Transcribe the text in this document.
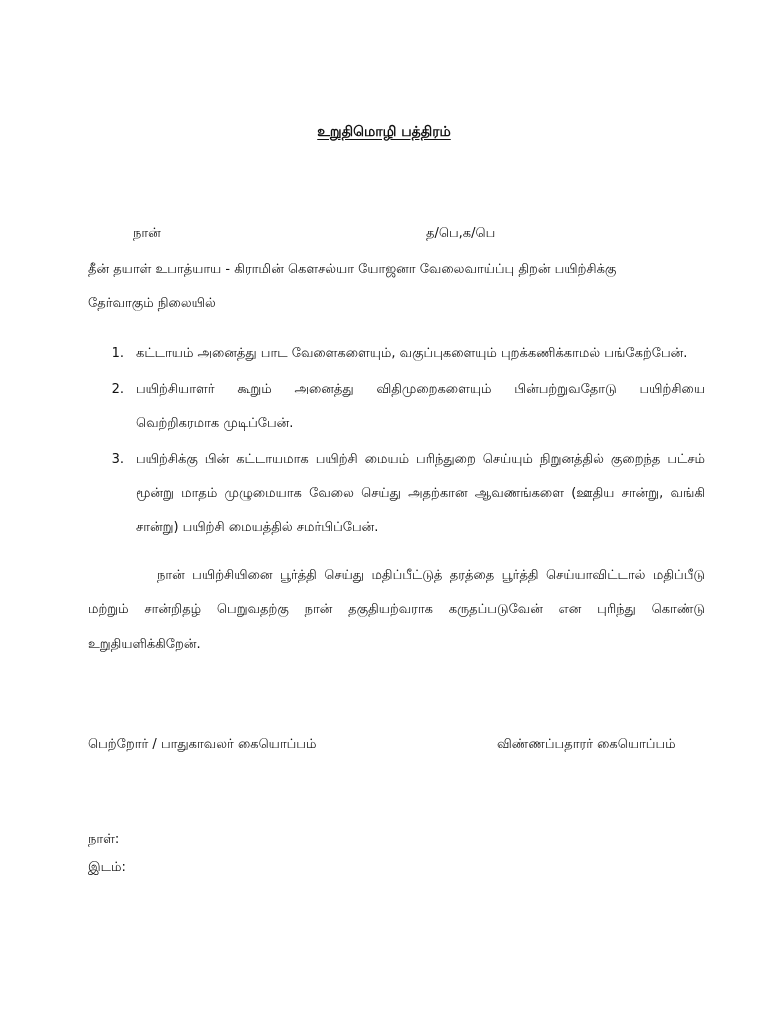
உறுதிமொழி பத்திரம்
நான்	த/பெ,க/பெ
தீன் தயாள் உபாத்யாய - கிராமின் கௌசல்யா யோஜனா வேலைவாய்ப்பு திறன் பயிற்சிக்கு
தேர்வாகும் நிலையில்
1. கட்டாயம் அனைத்து பாட வேளைகளையும், வகுப்புகளையும் புறக்கணிக்காமல் பங்கேற்பேன்.
2. பயிற்சியாளர் கூறும் அனைத்து விதிமுறைகளையும் பின்பற்றுவதோடு பயிற்சியை
வெற்றிகரமாக முடிப்பேன்.
3. பயிற்சிக்கு பின் கட்டாயமாக பயிற்சி மையம் பரிந்துறை செய்யும் நிறுனத்தில் குறைந்த பட்சம்
மூன்று மாதம் முழுமையாக வேலை செய்து அதற்கான ஆவணங்களை (ஊதிய சான்று, வங்கி
சான்று) பயிற்சி மையத்தில் சமர்பிப்பேன்.
நான் பயிற்சியினை பூர்த்தி செய்து மதிப்பீட்டுத் தரத்தை பூர்த்தி செய்யாவிட்டால் மதிப்பீடு
மற்றும் சான்றிதழ் பெறுவதற்கு நான் தகுதியற்வராக கருதப்படுவேன் என புரிந்து கொண்டு
உறுதியளிக்கிறேன்.
பெற்றோர் / பாதுகாவலர் கையொப்பம்	விண்ணப்பதாரர் கையொப்பம்
நாள்:
இடம்:
